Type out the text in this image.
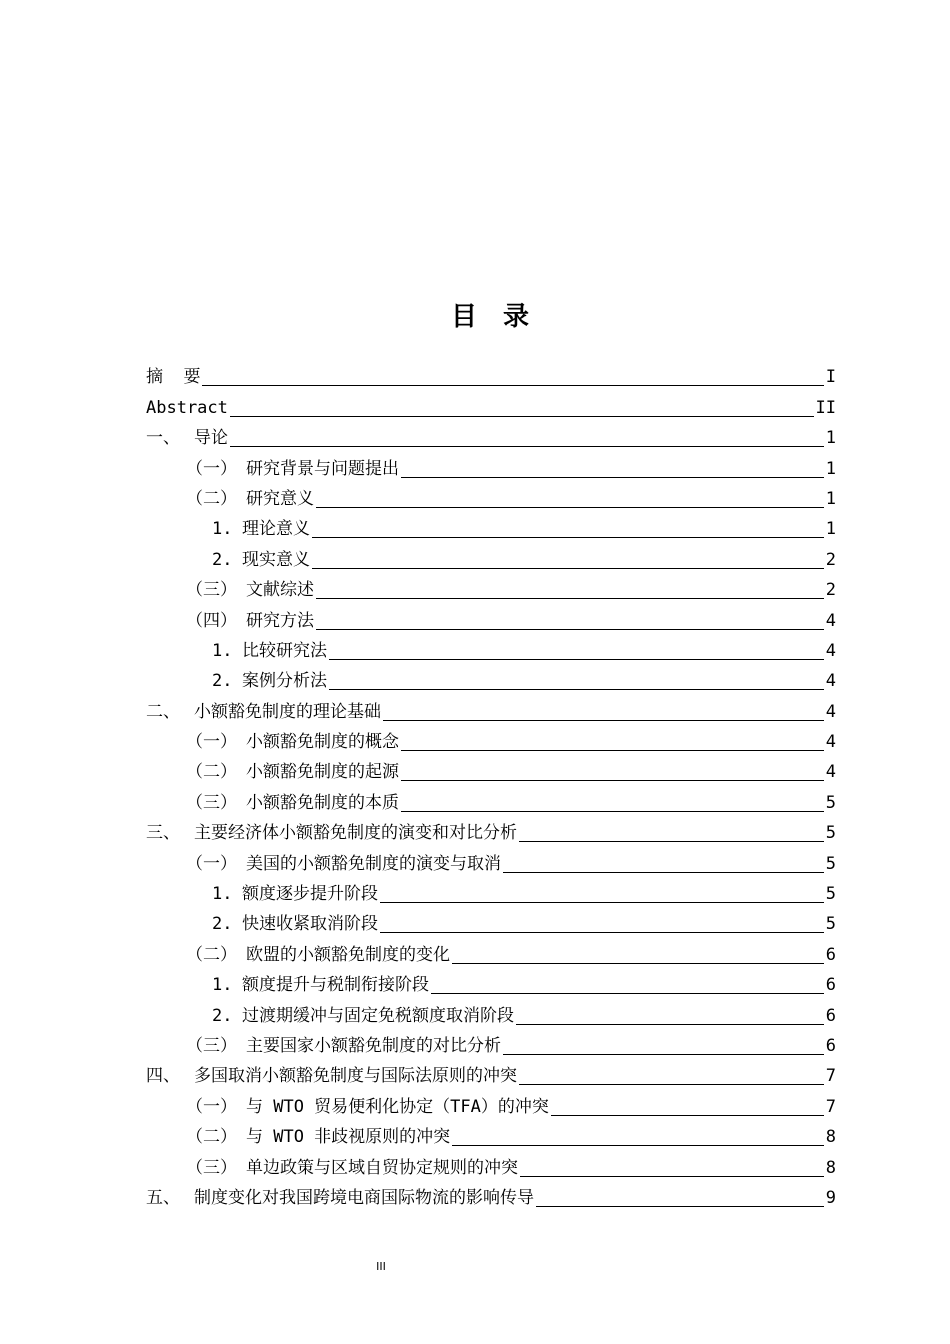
目 录
摘  要	I
Abstract	II
一、 导论	1
（一） 研究背景与问题提出	1
（二） 研究意义	1
1. 理论意义	1
2. 现实意义	2
（三） 文献综述	2
（四） 研究方法	4
1. 比较研究法	4
2. 案例分析法	4
二、 小额豁免制度的理论基础	4
（一） 小额豁免制度的概念	4
（二） 小额豁免制度的起源	4
（三） 小额豁免制度的本质	5
三、 主要经济体小额豁免制度的演变和对比分析	5
（一） 美国的小额豁免制度的演变与取消	5
1. 额度逐步提升阶段	5
2. 快速收紧取消阶段	5
（二） 欧盟的小额豁免制度的变化	6
1. 额度提升与税制衔接阶段	6
2. 过渡期缓冲与固定免税额度取消阶段	6
（三） 主要国家小额豁免制度的对比分析	6
四、 多国取消小额豁免制度与国际法原则的冲突	7
（一） 与 WTO 贸易便利化协定（TFA）的冲突	7
（二） 与 WTO 非歧视原则的冲突	8
（三） 单边政策与区域自贸协定规则的冲突	8
五、 制度变化对我国跨境电商国际物流的影响传导	9
III
